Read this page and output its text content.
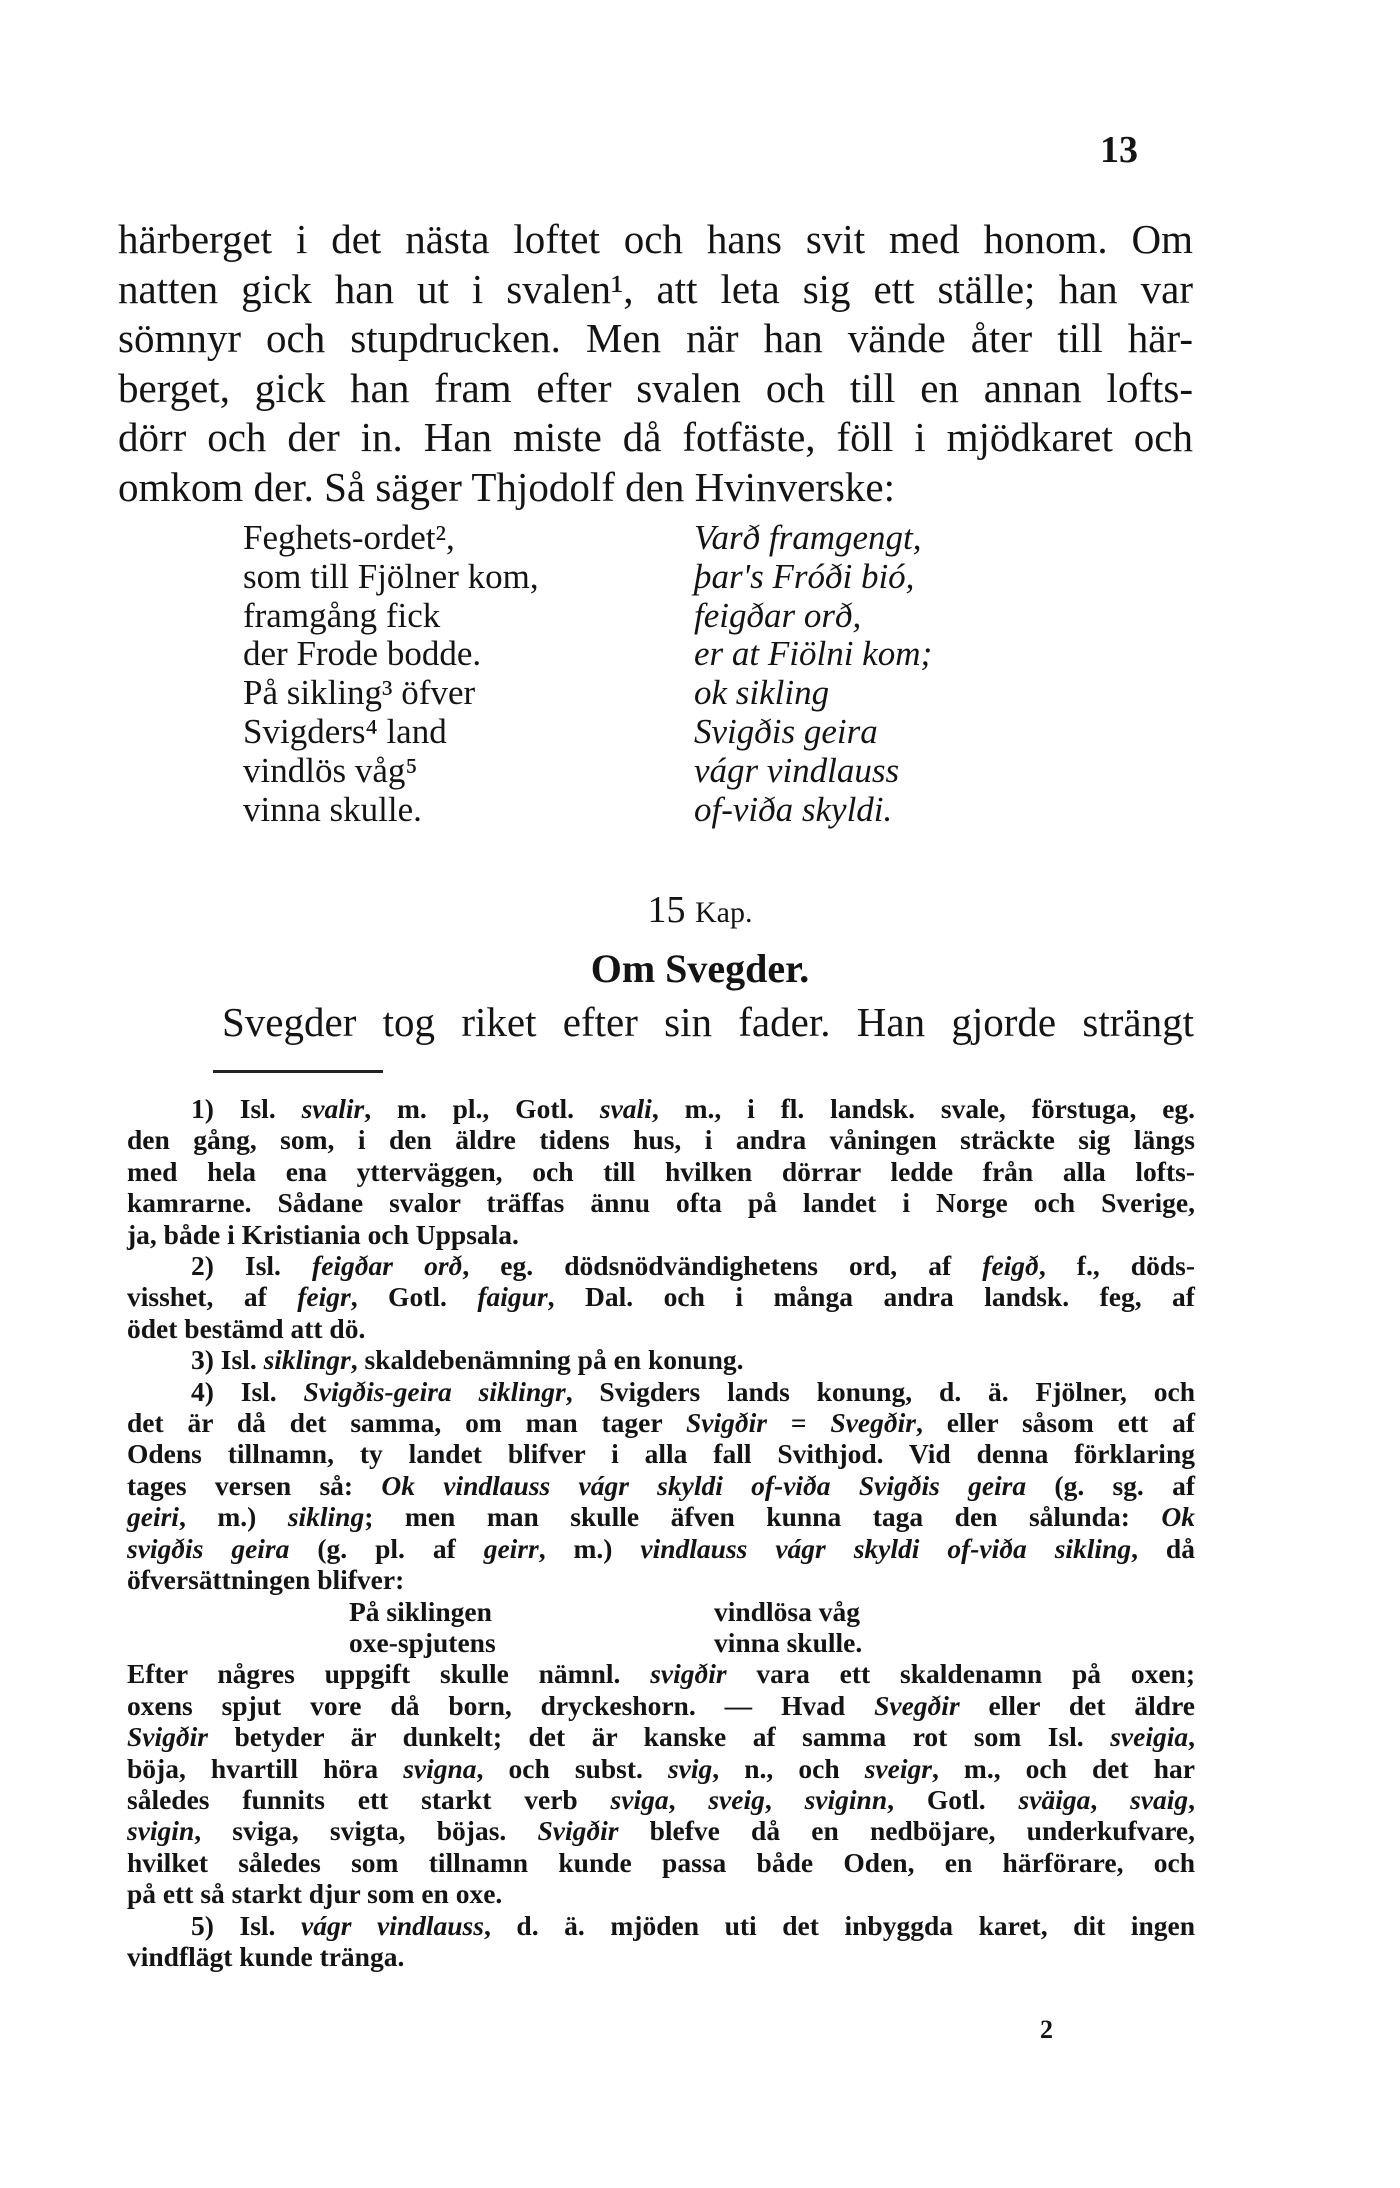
13
härberget i det nästa loftet och hans svit med honom. Om
natten gick han ut i svalen¹, att leta sig ett ställe; han var
sömnyr och stupdrucken. Men när han vände åter till här-
berget, gick han fram efter svalen och till en annan lofts-
dörr och der in. Han miste då fotfäste, föll i mjödkaret och
omkom der. Så säger Thjodolf den Hvinverske:
Feghets-ordet²,
som till Fjölner kom,
framgång fick
der Frode bodde.
På sikling³ öfver
Svigders⁴ land
vindlös våg⁵
vinna skulle.
Varð framgengt,
þar's Fróði bió,
feigðar orð,
er at Fiölni kom;
ok sikling
Svigðis geira
vágr vindlauss
of-viða skyldi.
15 Kap.
Om Svegder.
Svegder tog riket efter sin fader. Han gjorde strängt
1) Isl. svalir, m. pl., Gotl. svali, m., i fl. landsk. svale, förstuga, eg.
den gång, som, i den äldre tidens hus, i andra våningen sträckte sig längs
med hela ena ytterväggen, och till hvilken dörrar ledde från alla lofts-
kamrarne. Sådane svalor träffas ännu ofta på landet i Norge och Sverige,
ja, både i Kristiania och Uppsala.
2) Isl. feigðar orð, eg. dödsnödvändighetens ord, af feigð, f., döds-
visshet, af feigr, Gotl. faigur, Dal. och i många andra landsk. feg, af
ödet bestämd att dö.
3) Isl. siklingr, skaldebenämning på en konung.
4) Isl. Svigðis-geira siklingr, Svigders lands konung, d. ä. Fjölner, och
det är då det samma, om man tager Svigðir = Svegðir, eller såsom ett af
Odens tillnamn, ty landet blifver i alla fall Svithjod. Vid denna förklaring
tages versen så: Ok vindlauss vágr skyldi of-viða Svigðis geira (g. sg. af
geiri, m.) sikling; men man skulle äfven kunna taga den sålunda: Ok
svigðis geira (g. pl. af geirr, m.) vindlauss vágr skyldi of-viða sikling, då
öfversättningen blifver:
På siklingen	vindlösa våg
oxe-spjutens	vinna skulle.
Efter någres uppgift skulle nämnl. svigðir vara ett skaldenamn på oxen;
oxens spjut vore då born, dryckeshorn. — Hvad Svegðir eller det äldre
Svigðir betyder är dunkelt; det är kanske af samma rot som Isl. sveigia,
böja, hvartill höra svigna, och subst. svig, n., och sveigr, m., och det har
således funnits ett starkt verb sviga, sveig, sviginn, Gotl. sväiga, svaig,
svigin, sviga, svigta, böjas. Svigðir blefve då en nedböjare, underkufvare,
hvilket således som tillnamn kunde passa både Oden, en härförare, och
på ett så starkt djur som en oxe.
5) Isl. vágr vindlauss, d. ä. mjöden uti det inbyggda karet, dit ingen
vindflägt kunde tränga.
2
